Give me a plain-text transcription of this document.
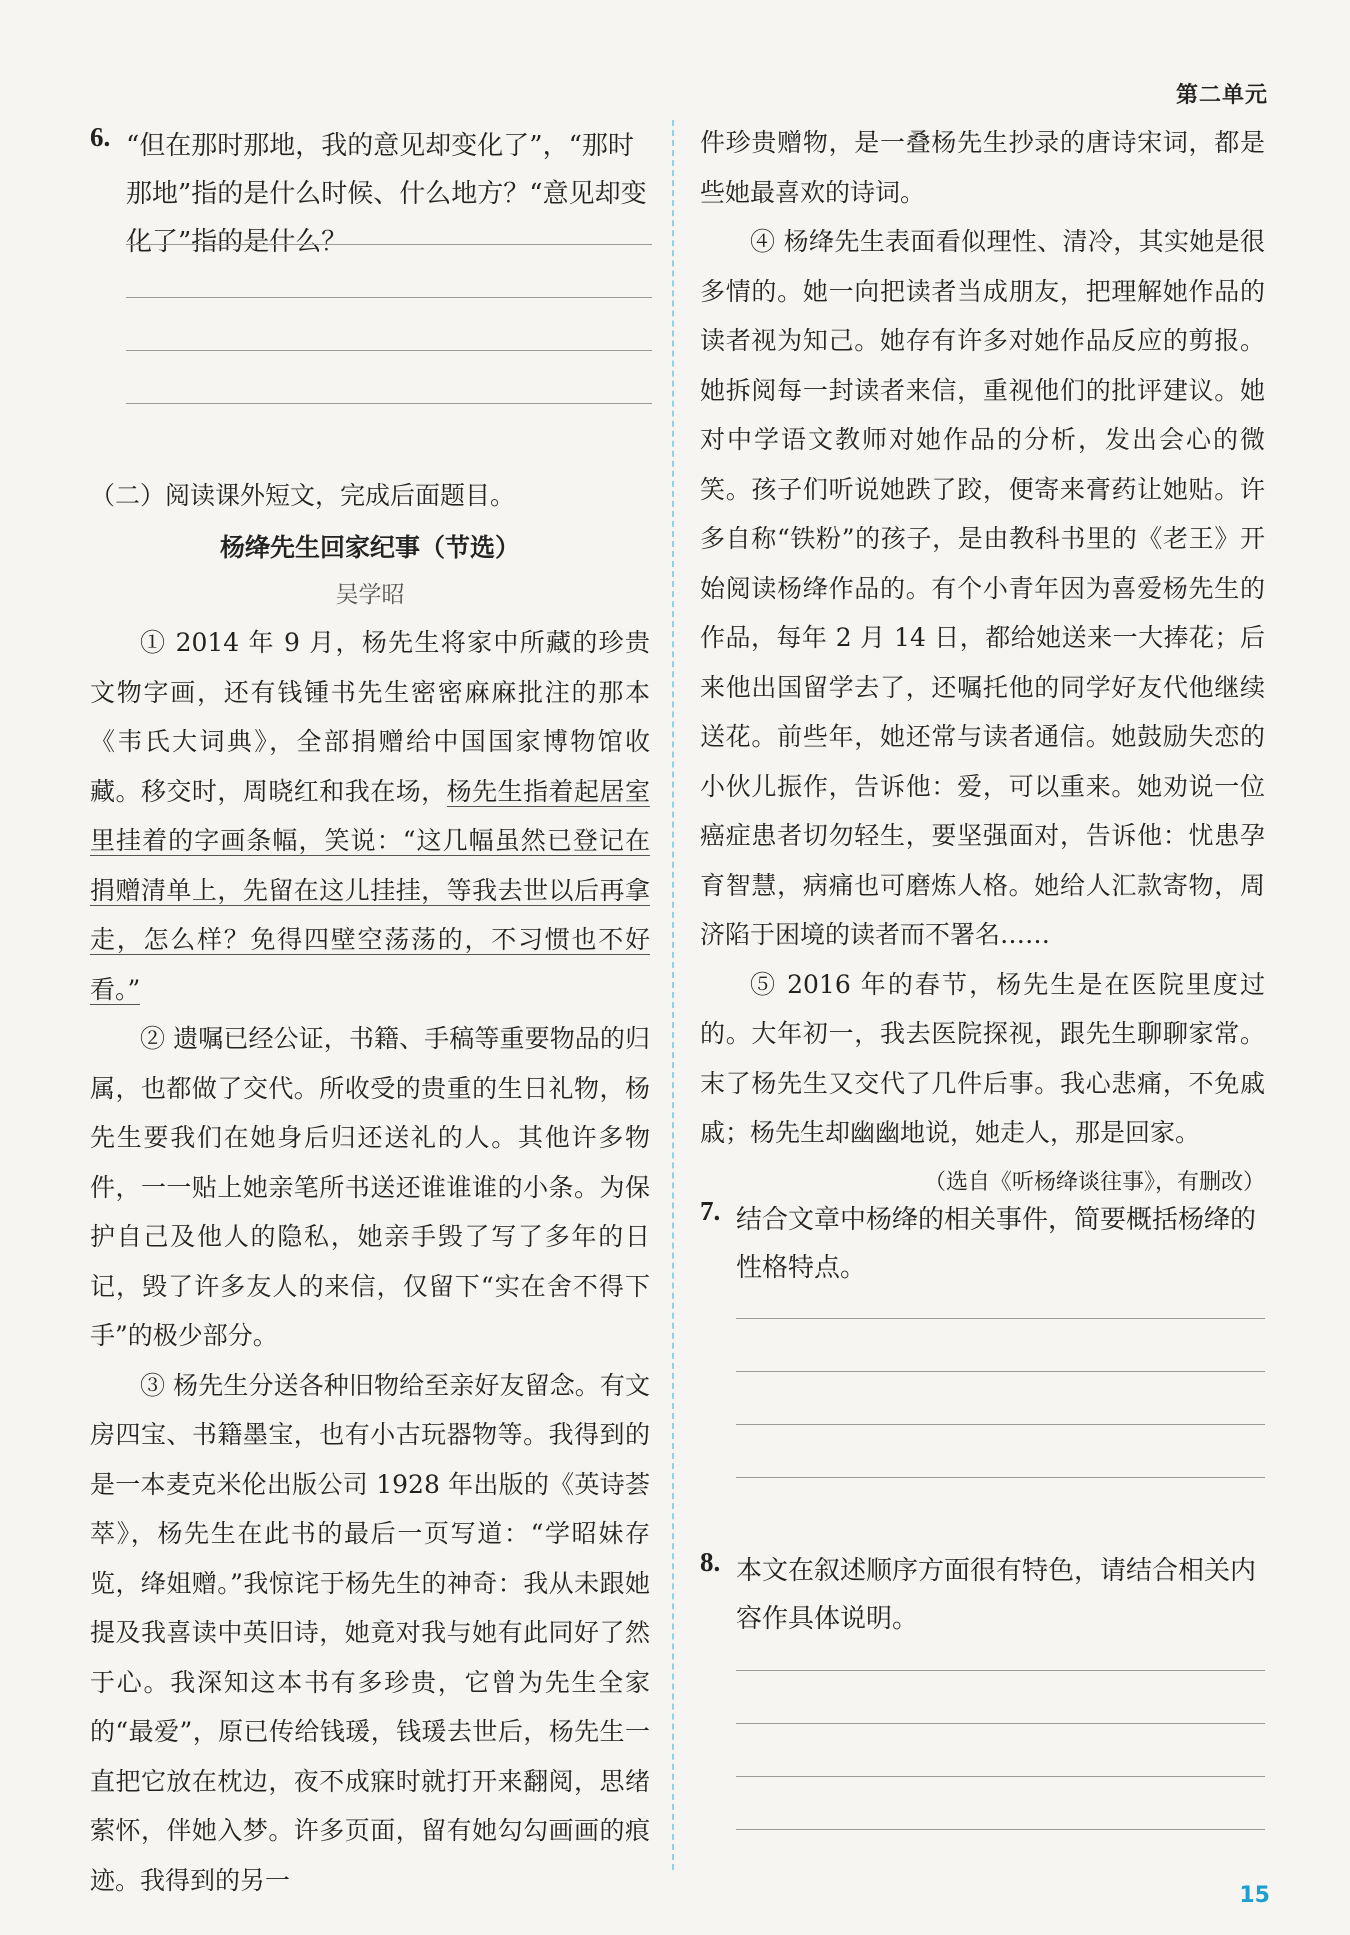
第二单元
6. “但在那时那地，我的意见却变化了”，“那时那地”指的是什么时候、什么地方？“意见却变化了”指的是什么？

（二）阅读课外短文，完成后面题目。
杨绛先生回家纪事（节选）
吴学昭

① 2014 年 9 月，杨先生将家中所藏的珍贵文物字画，还有钱锺书先生密密麻麻批注的那本《韦氏大词典》，全部捐赠给中国国家博物馆收藏。移交时，周晓红和我在场，杨先生指着起居室里挂着的字画条幅，笑说：“这几幅虽然已登记在捐赠清单上，先留在这儿挂挂，等我去世以后再拿走，怎么样？免得四壁空荡荡的，不习惯也不好看。”

② 遗嘱已经公证，书籍、手稿等重要物品的归属，也都做了交代。所收受的贵重的生日礼物，杨先生要我们在她身后归还送礼的人。其他许多物件，一一贴上她亲笔所书送还谁谁谁的小条。为保护自己及他人的隐私，她亲手毁了写了多年的日记，毁了许多友人的来信，仅留下“实在舍不得下手”的极少部分。

③ 杨先生分送各种旧物给至亲好友留念。有文房四宝、书籍墨宝，也有小古玩器物等。我得到的是一本麦克米伦出版公司 1928 年出版的《英诗荟萃》，杨先生在此书的最后一页写道：“学昭妹存览，绛姐赠。”我惊诧于杨先生的神奇：我从未跟她提及我喜读中英旧诗，她竟对我与她有此同好了然于心。我深知这本书有多珍贵，它曾为先生全家的“最爱”，原已传给钱瑗，钱瑗去世后，杨先生一直把它放在枕边，夜不成寐时就打开来翻阅，思绪萦怀，伴她入梦。许多页面，留有她勾勾画画的痕迹。我得到的另一

件珍贵赠物，是一叠杨先生抄录的唐诗宋词，都是些她最喜欢的诗词。

④ 杨绛先生表面看似理性、清冷，其实她是很多情的。她一向把读者当成朋友，把理解她作品的读者视为知己。她存有许多对她作品反应的剪报。她拆阅每一封读者来信，重视他们的批评建议。她对中学语文教师对她作品的分析，发出会心的微笑。孩子们听说她跌了跤，便寄来膏药让她贴。许多自称“铁粉”的孩子，是由教科书里的《老王》开始阅读杨绛作品的。有个小青年因为喜爱杨先生的作品，每年 2 月 14 日，都给她送来一大捧花；后来他出国留学去了，还嘱托他的同学好友代他继续送花。前些年，她还常与读者通信。她鼓励失恋的小伙儿振作，告诉他：爱，可以重来。她劝说一位癌症患者切勿轻生，要坚强面对，告诉他：忧患孕育智慧，病痛也可磨炼人格。她给人汇款寄物，周济陷于困境的读者而不署名……

⑤ 2016 年的春节，杨先生是在医院里度过的。大年初一，我去医院探视，跟先生聊聊家常。末了杨先生又交代了几件后事。我心悲痛，不免戚戚；杨先生却幽幽地说，她走人，那是回家。
（选自《听杨绛谈往事》，有删改）

7. 结合文章中杨绛的相关事件，简要概括杨绛的性格特点。

8. 本文在叙述顺序方面很有特色，请结合相关内容作具体说明。

15
